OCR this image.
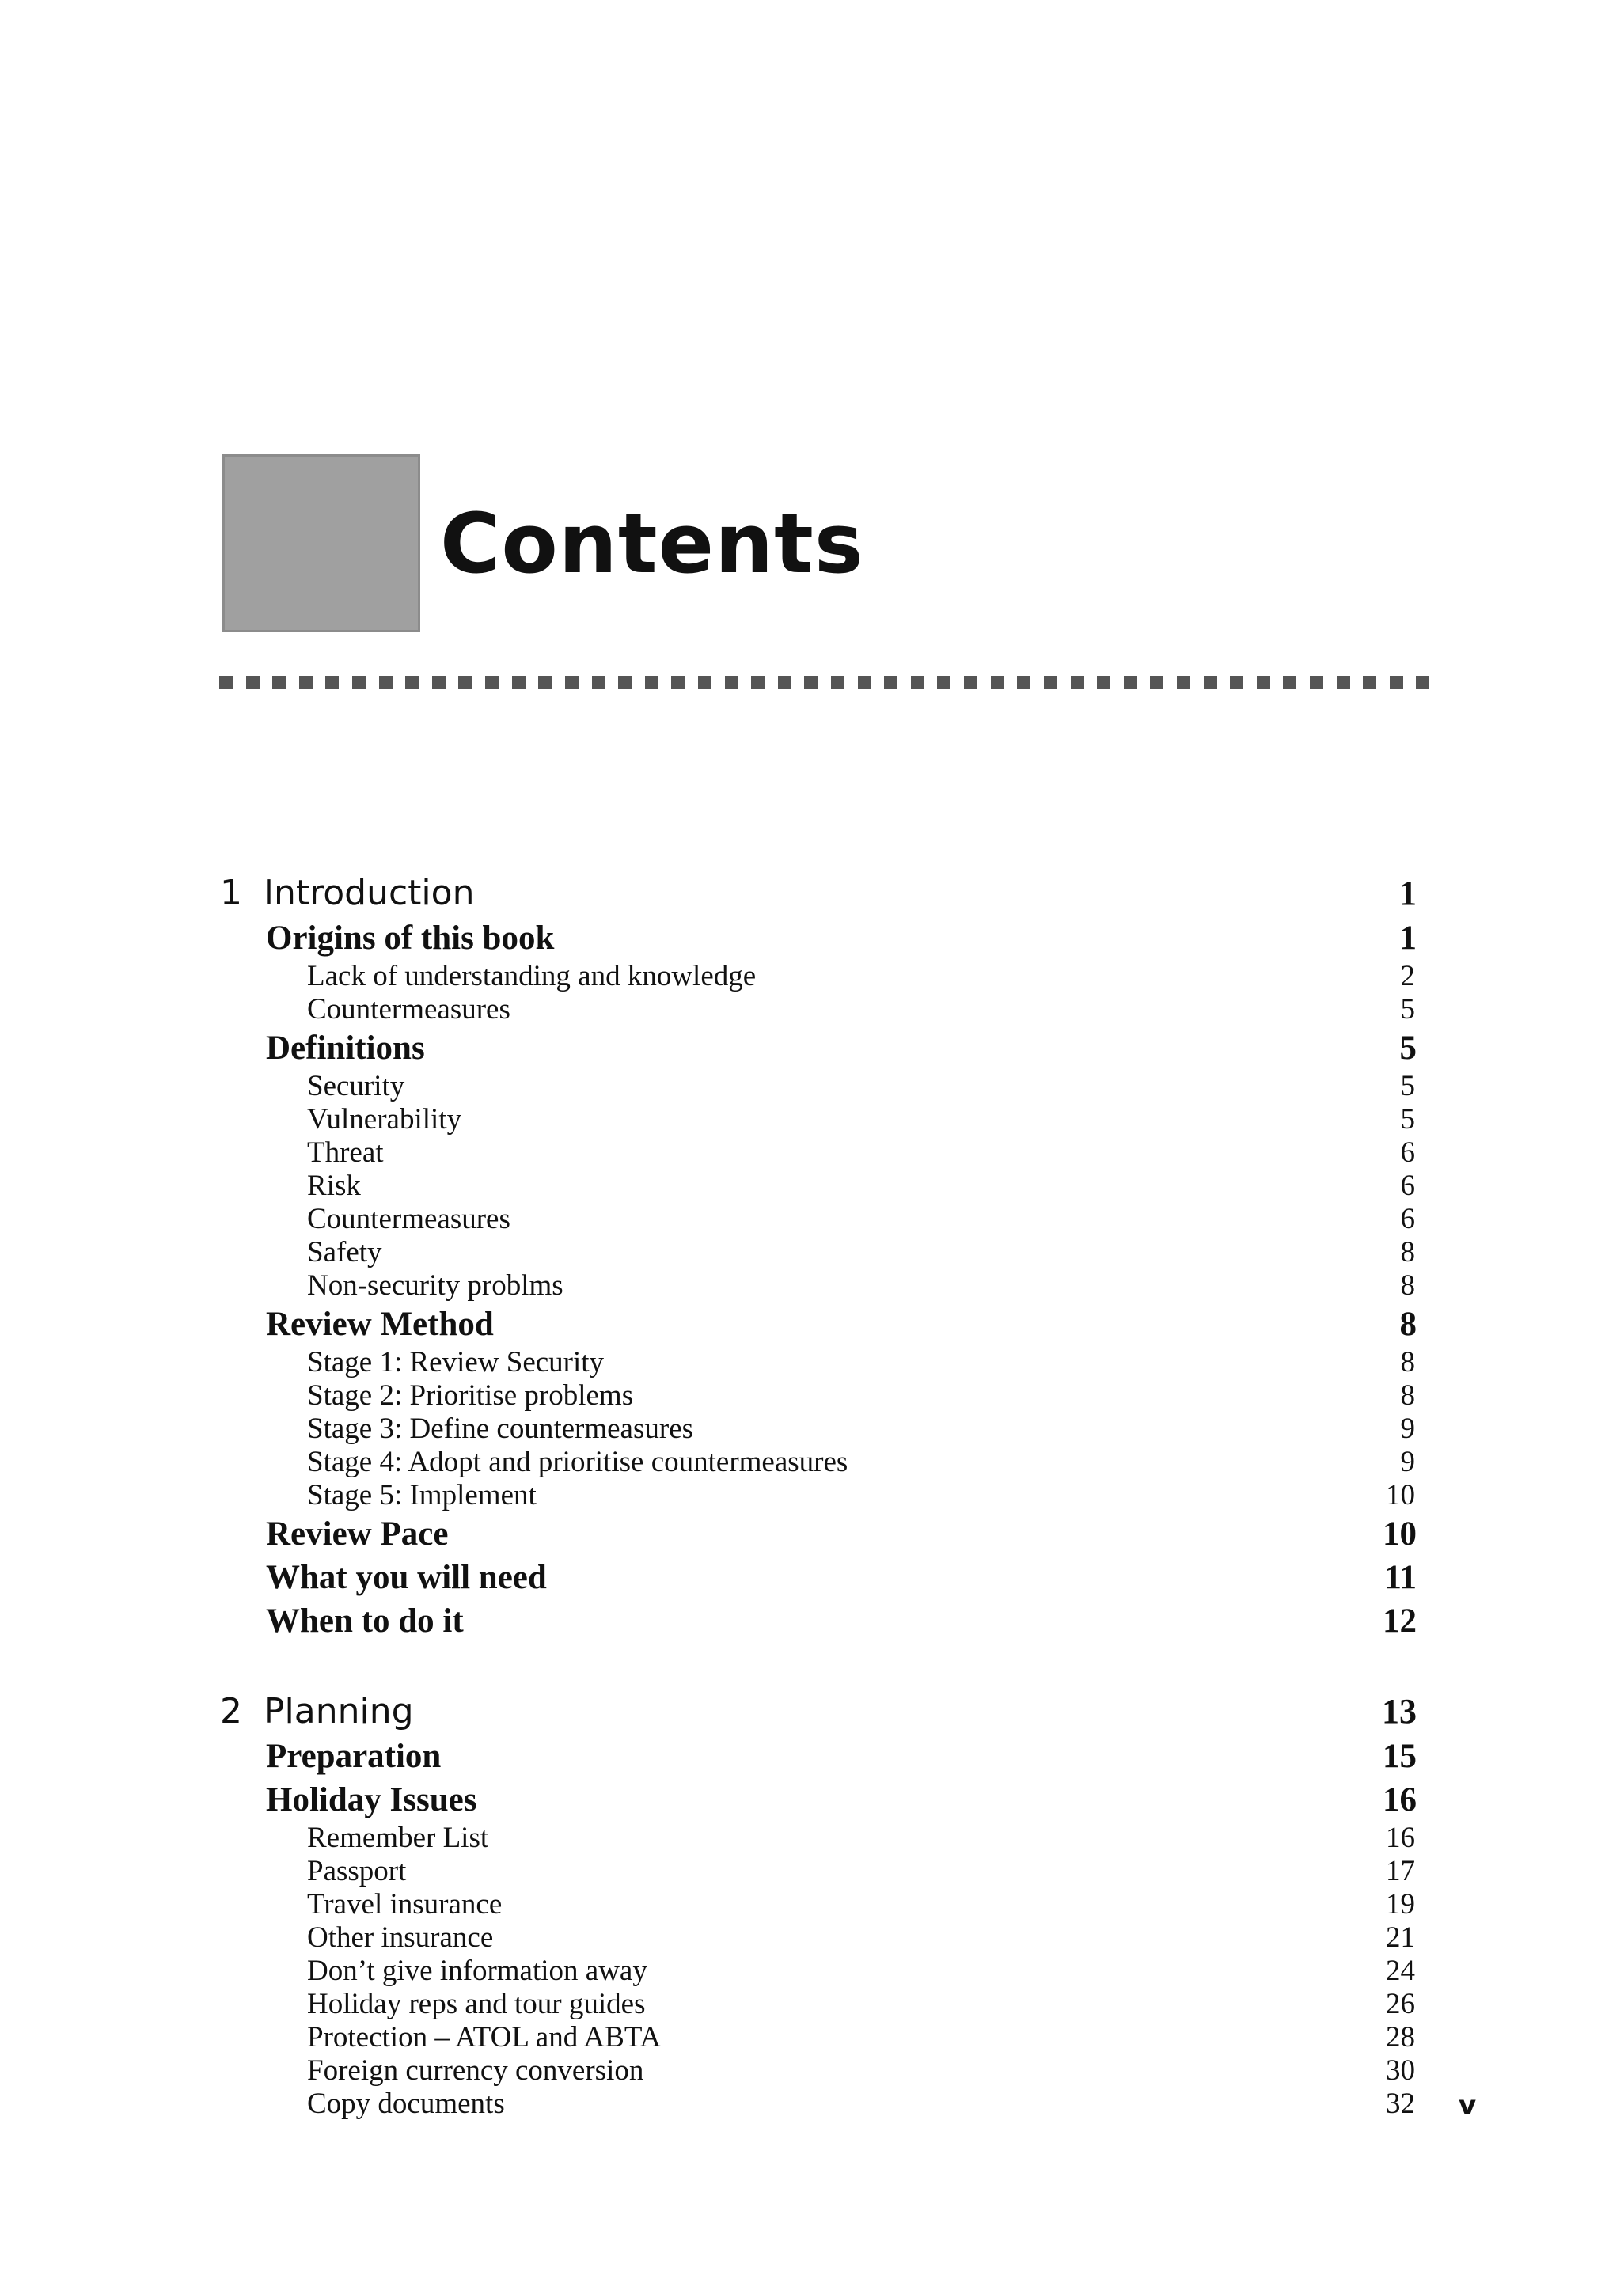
Contents
1 Introduction	1
Origins of this book	1
Lack of understanding and knowledge	2
Countermeasures	5
Definitions	5
Security	5
Vulnerability	5
Threat	6
Risk	6
Countermeasures	6
Safety	8
Non-security problms	8
Review Method	8
Stage 1: Review Security	8
Stage 2: Prioritise problems	8
Stage 3: Define countermeasures	9
Stage 4: Adopt and prioritise countermeasures	9
Stage 5: Implement	10
Review Pace	10
What you will need	11
When to do it	12
2 Planning	13
Preparation	15
Holiday Issues	16
Remember List	16
Passport	17
Travel insurance	19
Other insurance	21
Don’t give information away	24
Holiday reps and tour guides	26
Protection – ATOL and ABTA	28
Foreign currency conversion	30
Copy documents	32 v
